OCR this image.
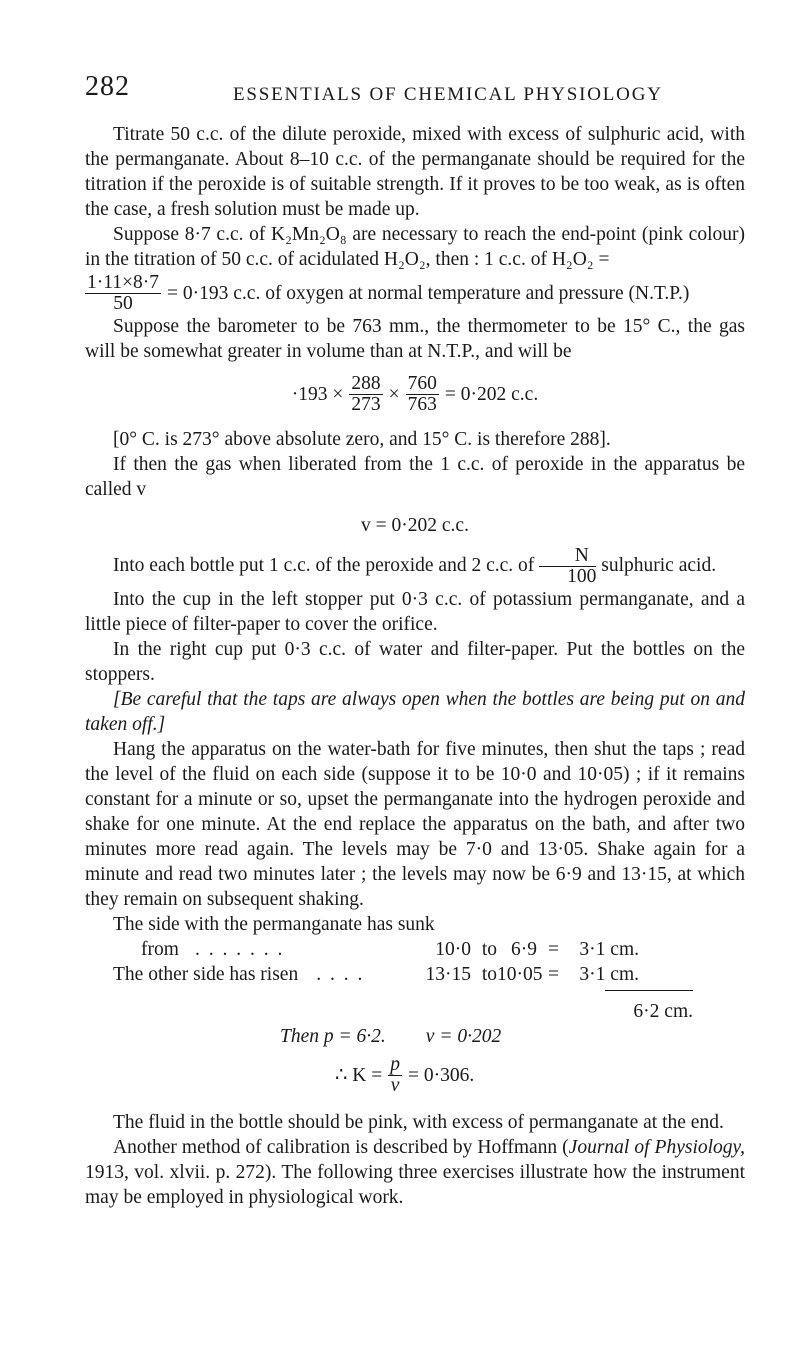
282	ESSENTIALS OF CHEMICAL PHYSIOLOGY

Titrate 50 c.c. of the dilute peroxide, mixed with excess of sulphuric acid, with the permanganate. About 8–10 c.c. of the permanganate should be required for the titration if the peroxide is of suitable strength. If it proves to be too weak, as is often the case, a fresh solution must be made up.

Suppose 8·7 c.c. of K₂Mn₂O₈ are necessary to reach the end-point (pink colour) in the titration of 50 c.c. of acidulated H₂O₂, then : 1 c.c. of H₂O₂ =

$\frac{1\cdot 11\times 8\cdot 7}{50} = 0\cdot 193$ c.c. of oxygen at normal temperature and pressure (N.T.P.)

Suppose the barometer to be 763 mm., the thermometer to be 15° C., the gas will be somewhat greater in volume than at N.T.P., and will be

$\cdot 193 \times \frac{288}{273} \times \frac{760}{763} = 0\cdot 202$ c.c.

[0° C. is 273° above absolute zero, and 15° C. is therefore 288].

If then the gas when liberated from the 1 c.c. of peroxide in the apparatus be called v

v = 0·202 c.c.

Into each bottle put 1 c.c. of the peroxide and 2 c.c. of $\frac{N}{100}$ sulphuric acid.

Into the cup in the left stopper put 0·3 c.c. of potassium permanganate, and a little piece of filter-paper to cover the orifice.

In the right cup put 0·3 c.c. of water and filter-paper. Put the bottles on the stoppers.

[Be careful that the taps are always open when the bottles are being put on and taken off.]

Hang the apparatus on the water-bath for five minutes, then shut the taps ; read the level of the fluid on each side (suppose it to be 10·0 and 10·05) ; if it remains constant for a minute or so, upset the permanganate into the hydrogen peroxide and shake for one minute. At the end replace the apparatus on the bath, and after two minutes more read again. The levels may be 7·0 and 13·05. Shake again for a minute and read two minutes later ; the levels may now be 6·9 and 13·15, at which they remain on subsequent shaking.

The side with the permanganate has sunk

from . . . . . . .	10·0 to 6·9 =	3·1 cm.
The other side has risen . . . .	13·15 to 10·05 =	3·1 cm.
6·2 cm.
Then p = 6·2. v = 0·202
∴ $K = \frac{p}{v} = 0\cdot 306$.

The fluid in the bottle should be pink, with excess of permanganate at the end.

Another method of calibration is described by Hoffmann (Journal of Physiology, 1913, vol. xlvii. p. 272). The following three exercises illustrate how the instrument may be employed in physiological work.
